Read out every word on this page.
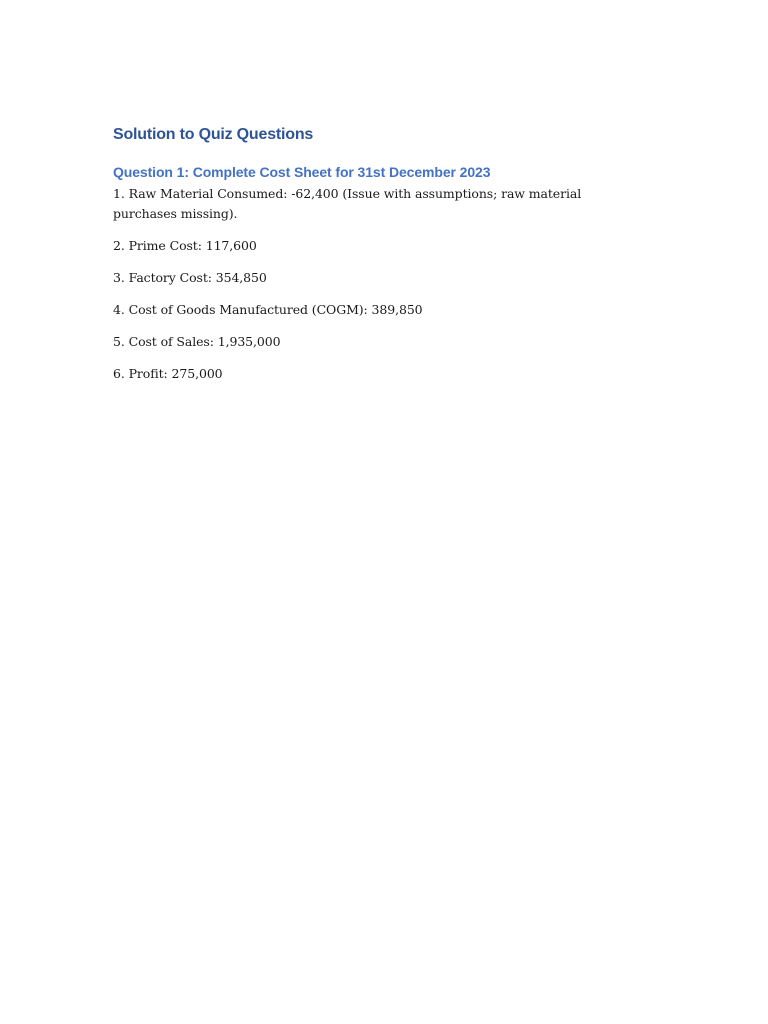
Solution to Quiz Questions
Question 1: Complete Cost Sheet for 31st December 2023

1. Raw Material Consumed: -62,400 (Issue with assumptions; raw material purchases missing).

2. Prime Cost: 117,600

3. Factory Cost: 354,850

4. Cost of Goods Manufactured (COGM): 389,850

5. Cost of Sales: 1,935,000

6. Profit: 275,000
